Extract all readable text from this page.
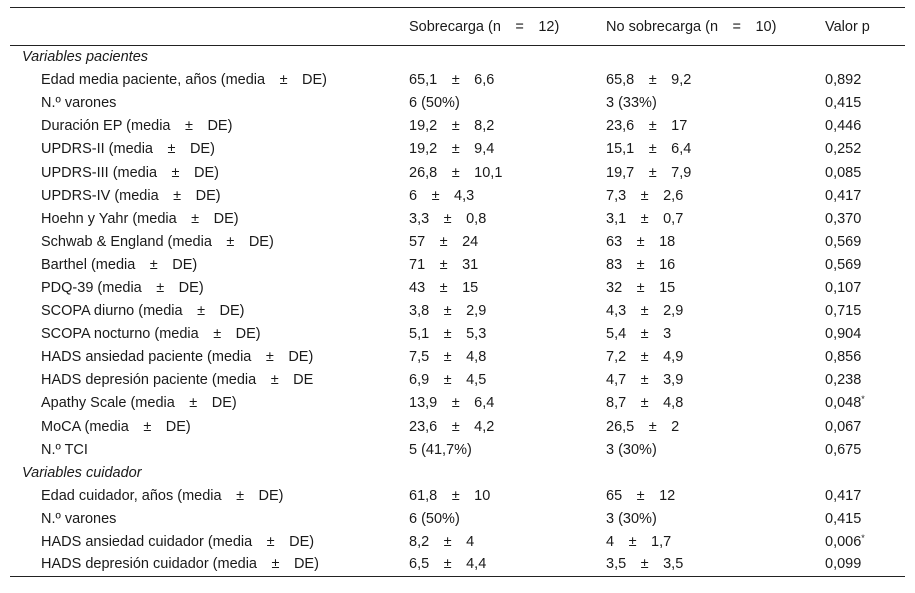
	Sobrecarga (n = 12)	No sobrecarga (n = 10)	Valor p
Variables pacientes			
Edad media paciente, años (media ± DE)	65,1 ± 6,6	65,8 ± 9,2	0,892
N.º varones	6 (50%)	3 (33%)	0,415
Duración EP (media ± DE)	19,2 ± 8,2	23,6 ± 17	0,446
UPDRS-II (media ± DE)	19,2 ± 9,4	15,1 ± 6,4	0,252
UPDRS-III (media ± DE)	26,8 ± 10,1	19,7 ± 7,9	0,085
UPDRS-IV (media ± DE)	6 ± 4,3	7,3 ± 2,6	0,417
Hoehn y Yahr (media ± DE)	3,3 ± 0,8	3,1 ± 0,7	0,370
Schwab & England (media ± DE)	57 ± 24	63 ± 18	0,569
Barthel (media ± DE)	71 ± 31	83 ± 16	0,569
PDQ-39 (media ± DE)	43 ± 15	32 ± 15	0,107
SCOPA diurno (media ± DE)	3,8 ± 2,9	4,3 ± 2,9	0,715
SCOPA nocturno (media ± DE)	5,1 ± 5,3	5,4 ± 3	0,904
HADS ansiedad paciente (media ± DE)	7,5 ± 4,8	7,2 ± 4,9	0,856
HADS depresión paciente (media ± DE	6,9 ± 4,5	4,7 ± 3,9	0,238
Apathy Scale (media ± DE)	13,9 ± 6,4	8,7 ± 4,8	0,048*
MoCA (media ± DE)	23,6 ± 4,2	26,5 ± 2	0,067
N.º TCI	5 (41,7%)	3 (30%)	0,675
Variables cuidador			
Edad cuidador, años (media ± DE)	61,8 ± 10	65 ± 12	0,417
N.º varones	6 (50%)	3 (30%)	0,415
HADS ansiedad cuidador (media ± DE)	8,2 ± 4	4 ± 1,7	0,006*
HADS depresión cuidador (media ± DE)	6,5 ± 4,4	3,5 ± 3,5	0,099
